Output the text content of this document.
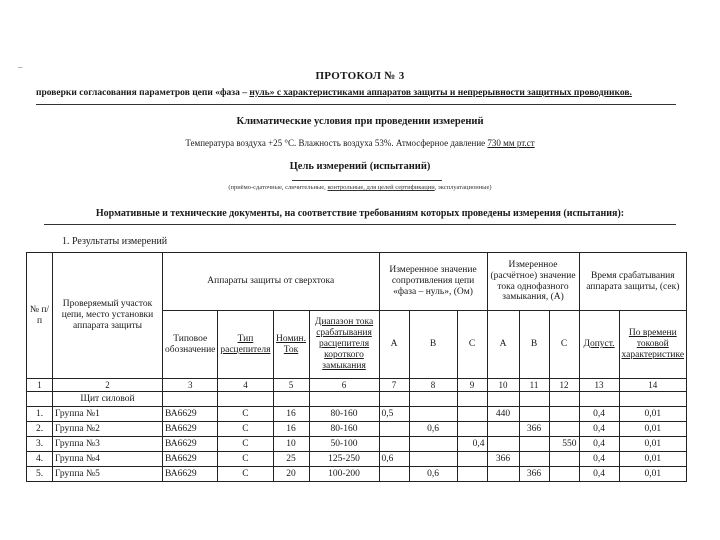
–
ПРОТОКОЛ № 3
проверки согласования параметров цепи «фаза – нуль» с характеристиками аппаратов защиты и непрерывности защитных проводников.
Климатические условия при проведении измерений
Температура воздуха +25 °С. Влажность воздуха 53%. Атмосферное давление 730 мм рт.ст
Цель измерений (испытаний)
(приёмо-сдаточные, сличительные, контрольные, для целей сертификации, эксплуатационные)
Нормативные и технические документы, на соответствие требованиям которых проведены измерения (испытания):
1. Результаты измерений
№ п/п	Проверяемый участок цепи, место установки аппарата защиты	Аппараты защиты от сверхтока				Измеренное значение сопротивления цепи «фаза – нуль», (Ом)			Измеренное (расчётное) значение тока однофазного замыкания, (А)			Время срабатывания аппарата защиты, (сек)	
		Типовое обозначение	Тип расцепителя	Номин. Ток	Диапазон тока срабатывания расцепителя короткого замыкания	А	В	С	А	В	С	Допуст.	По времени токовой характеристике
1	2	3	4	5	6	7	8	9	10	11	12	13	14
	Щит силовой												
1.	Группа №1	ВА6629	С	16	80-160	0,5			440			0,4	0,01
2.	Группа №2	ВА6629	С	16	80-160		0,6			366		0,4	0,01
3.	Группа №3	ВА6629	С	10	50-100			0,4			550	0,4	0,01
4.	Группа №4	ВА6629	С	25	125-250	0,6			366			0,4	0,01
5.	Группа №5	ВА6629	С	20	100-200		0,6			366		0,4	0,01
